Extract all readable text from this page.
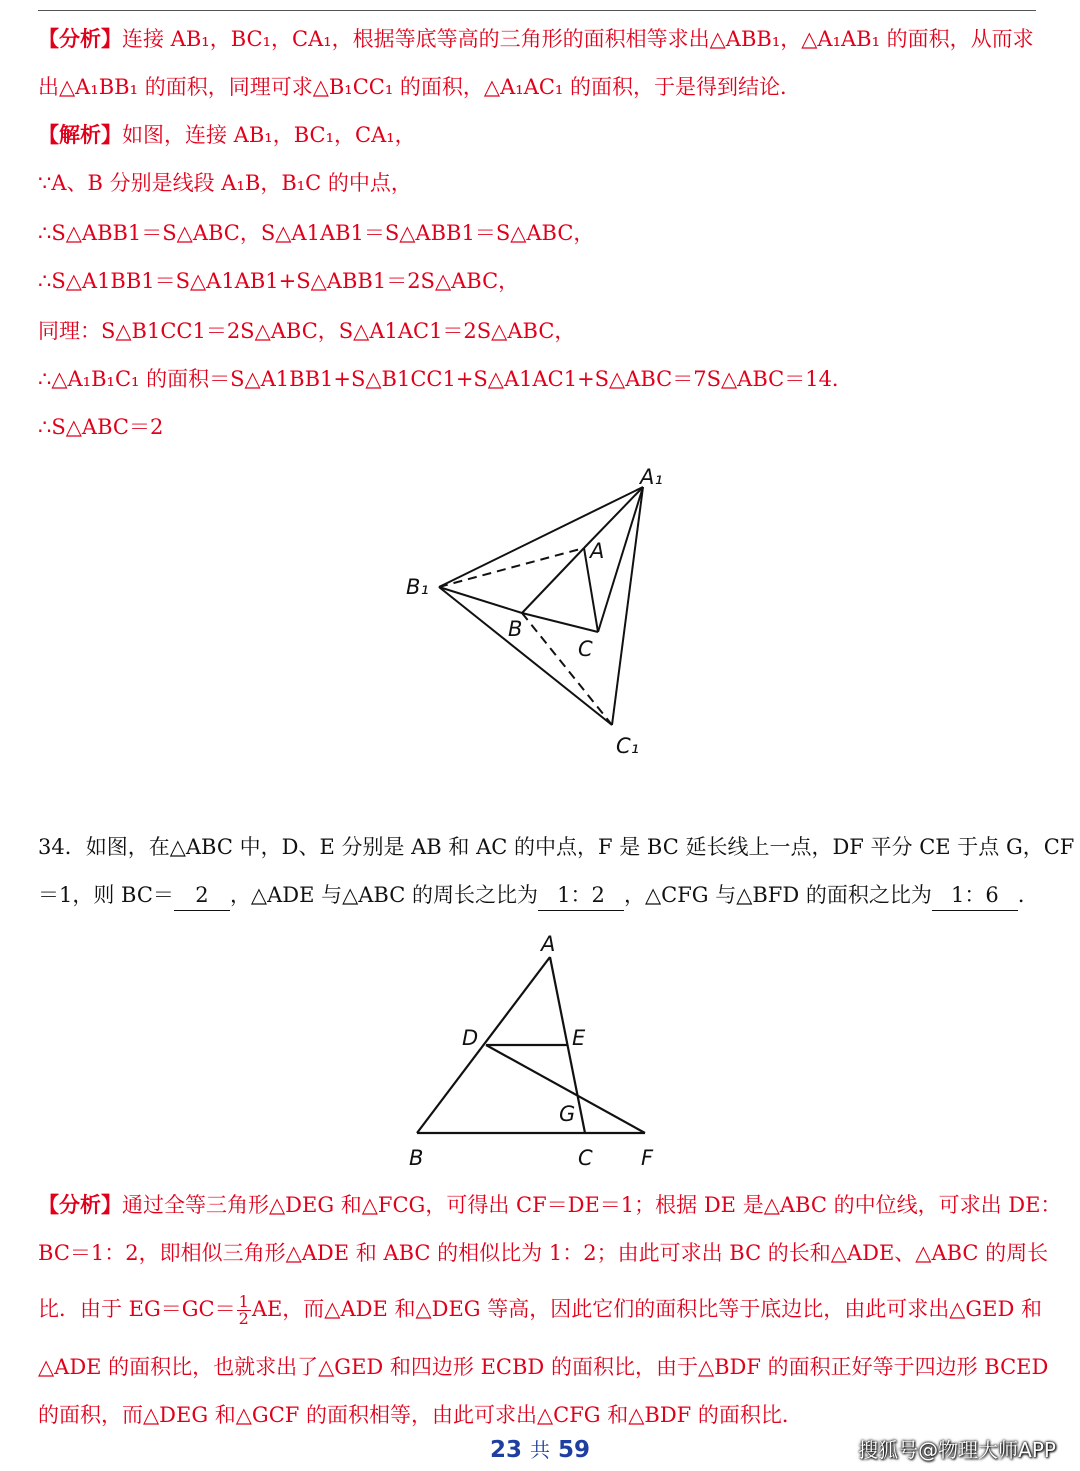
【分析】连接 AB₁，BC₁，CA₁，根据等底等高的三角形的面积相等求出△ABB₁，△A₁AB₁ 的面积，从而求
出△A₁BB₁ 的面积，同理可求△B₁CC₁ 的面积，△A₁AC₁ 的面积，于是得到结论．
【解析】如图，连接 AB₁，BC₁，CA₁，
∵A、B 分别是线段 A₁B，B₁C 的中点，
∴S△ABB1＝S△ABC，S△A1AB1＝S△ABB1＝S△ABC，
∴S△A1BB1＝S△A1AB1+S△ABB1＝2S△ABC，
同理：S△B1CC1＝2S△ABC，S△A1AC1＝2S△ABC，
∴△A₁B₁C₁ 的面积＝S△A1BB1+S△B1CC1+S△A1AC1+S△ABC＝7S△ABC＝14．
∴S△ABC＝2
A₁
A
B₁
B
C
C₁
34．如图，在△ABC 中，D、E 分别是 AB 和 AC 的中点，F 是 BC 延长线上一点，DF 平分 CE 于点 G，CF
＝1，则 BC＝ 2 ，△ADE 与△ABC 的周长之比为 1：2 ，△CFG 与△BFD 的面积之比为 1：6 ．
A
D	E
G
B	C F
【分析】通过全等三角形△DEG 和△FCG，可得出 CF＝DE＝1；根据 DE 是△ABC 的中位线，可求出 DE：
BC＝1：2，即相似三角形△ADE 和 ABC 的相似比为 1：2；由此可求出 BC 的长和△ADE、△ABC 的周长
比．由于 $EG=GC= \frac{1}{2}$ AE，而△ADE 和△DEG 等高，因此它们的面积比等于底边比，由此可求出△GED 和
△ADE 的面积比，也就求出了△GED 和四边形 ECBD 的面积比，由于△BDF 的面积正好等于四边形 BCED
的面积，而△DEG 和△GCF 的面积相等，由此可求出△CFG 和△BDF 的面积比．
23 共 59	搜狐号@物理大师APP
